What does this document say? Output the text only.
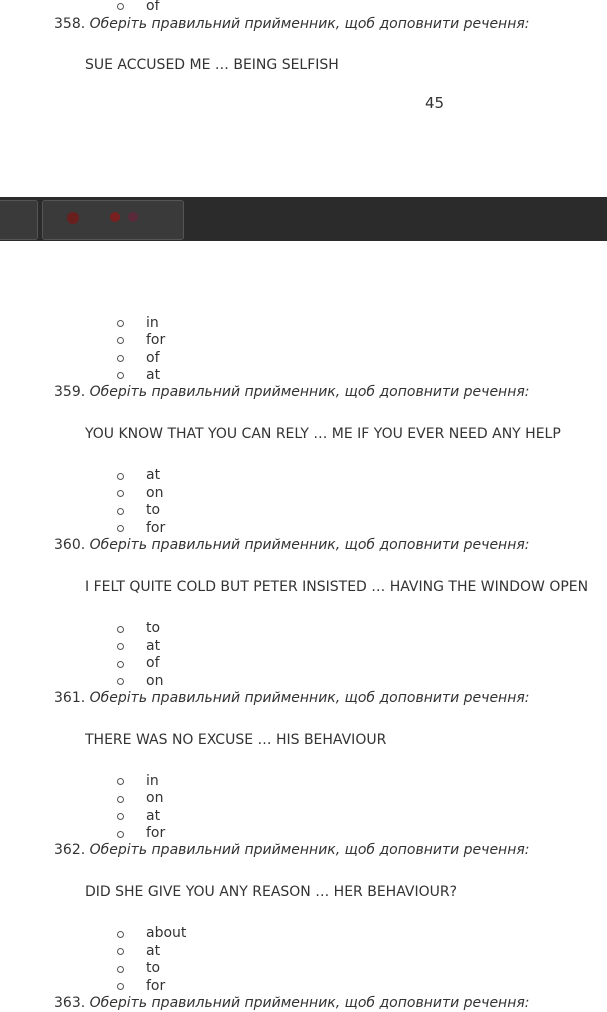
of
358. Оберіть правильний прийменник, щоб доповнити речення:
SUE ACCUSED ME … BEING SELFISH
45
in
for
of
at
359. Оберіть правильний прийменник, щоб доповнити речення:
YOU KNOW THAT YOU CAN RELY … ME IF YOU EVER NEED ANY HELP
at
on
to
for
360. Оберіть правильний прийменник, щоб доповнити речення:
I FELT QUITE COLD BUT PETER INSISTED … HAVING THE WINDOW OPEN
to
at
of
on
361. Оберіть правильний прийменник, щоб доповнити речення:
THERE WAS NO EXCUSE … HIS BEHAVIOUR
in
on
at
for
362. Оберіть правильний прийменник, щоб доповнити речення:
DID SHE GIVE YOU ANY REASON … HER BEHAVIOUR?
about
at
to
for
363. Оберіть правильний прийменник, щоб доповнити речення:
